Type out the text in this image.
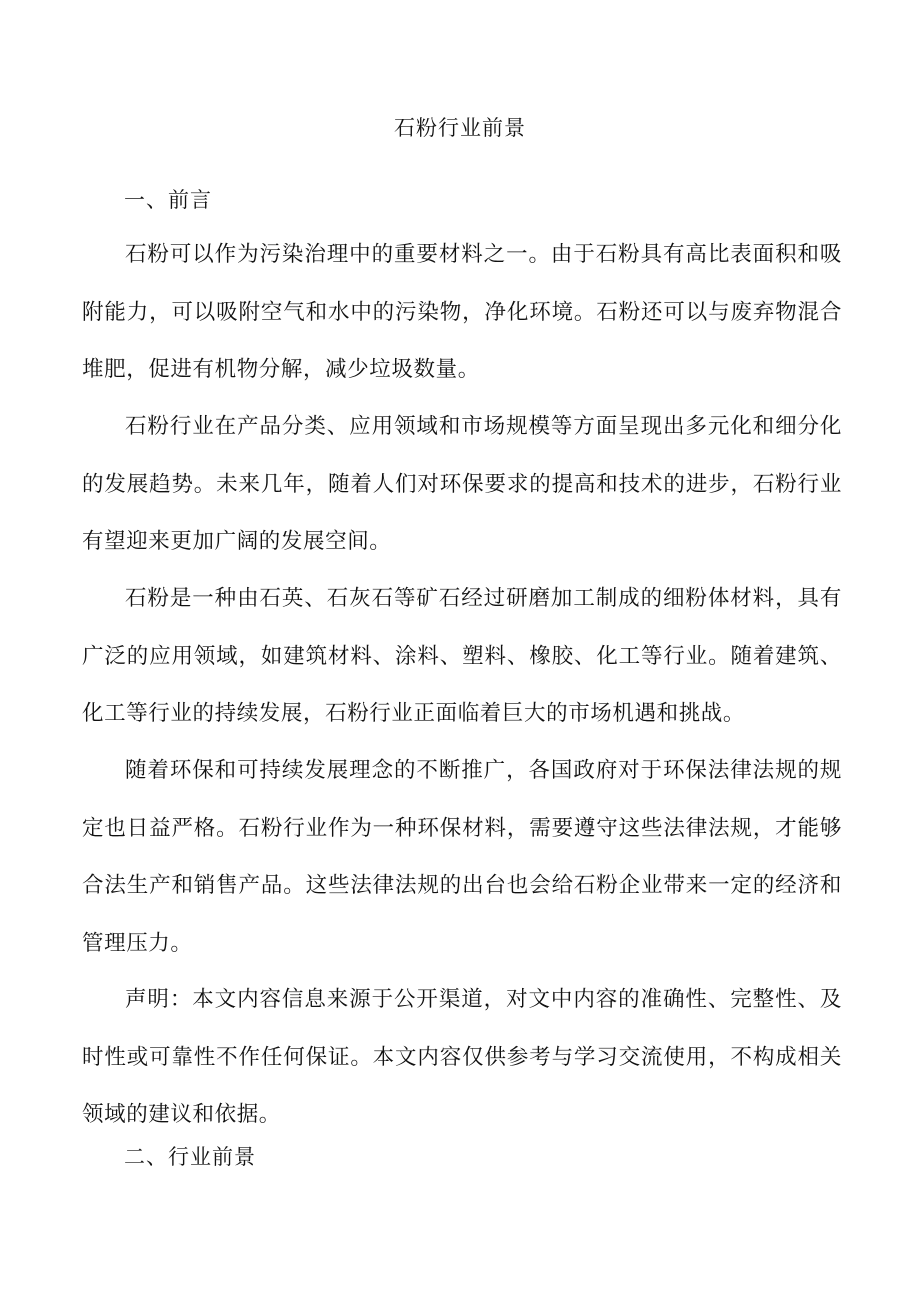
石粉行业前景
一、前言

石粉可以作为污染治理中的重要材料之一。由于石粉具有高比表面积和吸附能力，可以吸附空气和水中的污染物，净化环境。石粉还可以与废弃物混合堆肥，促进有机物分解，减少垃圾数量。

石粉行业在产品分类、应用领域和市场规模等方面呈现出多元化和细分化的发展趋势。未来几年，随着人们对环保要求的提高和技术的进步，石粉行业有望迎来更加广阔的发展空间。

石粉是一种由石英、石灰石等矿石经过研磨加工制成的细粉体材料，具有广泛的应用领域，如建筑材料、涂料、塑料、橡胶、化工等行业。随着建筑、化工等行业的持续发展，石粉行业正面临着巨大的市场机遇和挑战。

随着环保和可持续发展理念的不断推广，各国政府对于环保法律法规的规定也日益严格。石粉行业作为一种环保材料，需要遵守这些法律法规，才能够合法生产和销售产品。这些法律法规的出台也会给石粉企业带来一定的经济和管理压力。

声明：本文内容信息来源于公开渠道，对文中内容的准确性、完整性、及时性或可靠性不作任何保证。本文内容仅供参考与学习交流使用，不构成相关领域的建议和依据。

二、行业前景
